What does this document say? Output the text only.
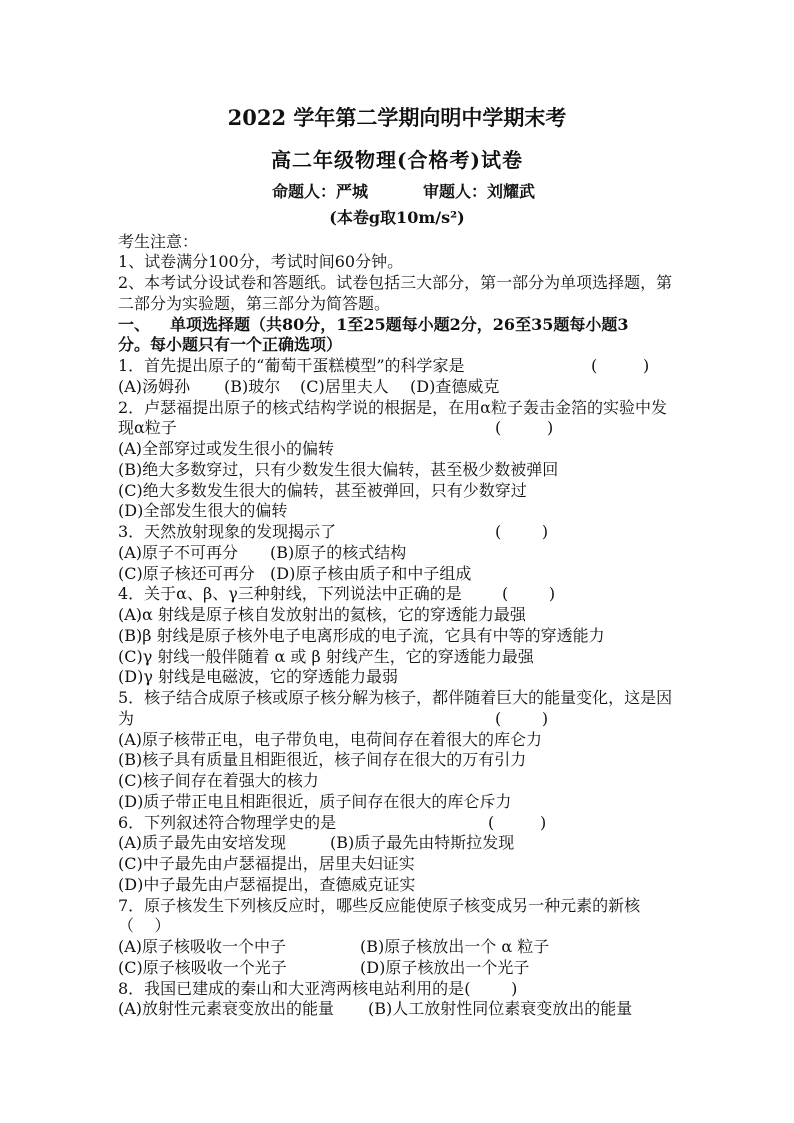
2022 学年第二学期向明中学期末考
高二年级物理(合格考)试卷
命题人：严城	审题人：刘耀武
(本卷g取10m/s²)
考生注意：
1、试卷满分100分，考试时间60分钟。
2、本考试分设试卷和答题纸。试卷包括三大部分，第一部分为单项选择题，第
二部分为实验题，第三部分为简答题。
一、 单项选择题（共80分，1至25题每小题2分，26至35题每小题3
分。每小题只有一个正确选项）
1．首先提出原子的“葡萄干蛋糕模型”的科学家是	(         )
(A)汤姆孙 (B)玻尔 (C)居里夫人 (D)查德威克
2．卢瑟福提出原子的核式结构学说的根据是，在用α粒子轰击金箔的实验中发
现α粒子	(         )
(A)全部穿过或发生很小的偏转
(B)绝大多数穿过，只有少数发生很大偏转，甚至极少数被弹回
(C)绝大多数发生很大的偏转，甚至被弹回，只有少数穿过
(D)全部发生很大的偏转
3．天然放射现象的发现揭示了	(        )
(A)原子不可再分 (B)原子的核式结构
(C)原子核还可再分 (D)原子核由质子和中子组成
4．关于α、β、γ三种射线，下列说法中正确的是	(        )
(A)α 射线是原子核自发放射出的氦核，它的穿透能力最强
(B)β 射线是原子核外电子电离形成的电子流，它具有中等的穿透能力
(C)γ 射线一般伴随着 α 或 β 射线产生，它的穿透能力最强
(D)γ 射线是电磁波，它的穿透能力最弱
5．核子结合成原子核或原子核分解为核子，都伴随着巨大的能量变化，这是因
为	(        )
(A)原子核带正电，电子带负电，电荷间存在着很大的库仑力
(B)核子具有质量且相距很近，核子间存在很大的万有引力
(C)核子间存在着强大的核力
(D)质子带正电且相距很近，质子间存在很大的库仑斥力
6．下列叙述符合物理学史的是	(         )
(A)质子最先由安培发现	(B)质子最先由特斯拉发现
(C)中子最先由卢瑟福提出，居里夫妇证实
(D)中子最先由卢瑟福提出，查德威克证实
7．原子核发生下列核反应时，哪些反应能使原子核变成另一种元素的新核
（    ）
(A)原子核吸收一个中子	(B)原子核放出一个 α 粒子
(C)原子核吸收一个光子	(D)原子核放出一个光子
8．我国已建成的秦山和大亚湾两核电站利用的是(        )
(A)放射性元素衰变放出的能量 (B)人工放射性同位素衰变放出的能量
